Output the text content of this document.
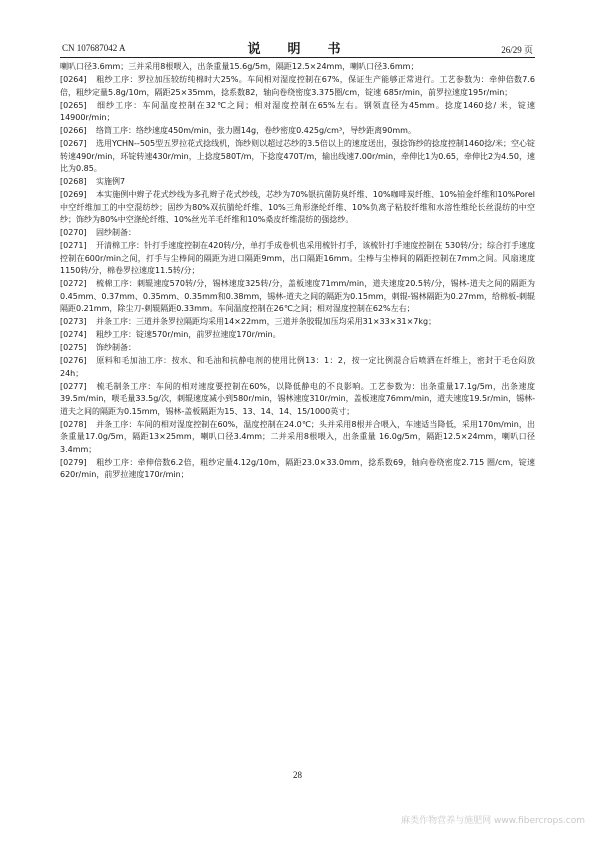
CN 107687042 A	说　明　书	26/29 页
喇叭口径3.6mm；三并采用8根喂入，出条重量15.6g/5m，隔距12.5×24mm，喇叭口径3.6mm；
[0264] 粗纱工序：罗拉加压较纺纯棉时大25%。车间相对湿度控制在67%，保证生产能够正常进行。工艺参数为：牵伸倍数7.6倍，粗纱定量5.8g/10m，隔距25×35mm，捻系数82，轴向卷绕密度3.375圈/cm，锭速 685r/min，前罗拉速度195r/min；
[0265] 细纱工序：车间温度控制在32℃之间；相对湿度控制在65%左右。钢领直径为45mm。捻度1460捻/ 米，锭速14900r/min；
[0266] 络筒工序：络纱速度450m/min，张力圈14g，卷纱密度0.425g/cm³，导纱距离90mm。
[0267] 选用YCHN--505型五罗拉花式捻线机，饰纱则以超过芯纱的3.5倍以上的速度送出，强捻饰纱的捻度控制1460捻/米；空心锭转速490r/min，环锭转速430r/min，上捻度580T/m，下捻度470T/m，输出线速7.00r/min，牵伸比1为0.65，牵伸比2为4.50，速比为0.85。
[0268] 实施例7
[0269] 本实施例中辫子花式纱线为多孔辫子花式纱线，芯纱为70%银抗菌防臭纤维、10%咖啡炭纤维、10%铂金纤维和10%Porel中空纤维加工的中空混纺纱；固纱为80%双抗腈纶纤维、10%三角形涤纶纤维、10%负离子粘胶纤维和水溶性维纶长丝混纺的中空纱；饰纱为80%中空涤纶纤维、10%丝光羊毛纤维和10%桑皮纤维混纺的强捻纱。
[0270] 固纱制备：
[0271] 开清棉工序：针打手速度控制在420转/分，单打手成卷机也采用梳针打手，该梳针打手速度控制在 530转/分；综合打手速度控制在600r/min之间，打手与尘棒间的隔距为进口隔距9mm，出口隔距16mm。尘棒与尘棒间的隔距控制在7mm之间。风扇速度1150转/分，棉卷罗拉速度11.5转/分；
[0272] 梳棉工序：刺辊速度570转/分，锡林速度325转/分，盖板速度71mm/min，道夫速度20.5转/分，锡林-道夫之间的隔距为0.45mm、0.37mm、0.35mm、0.35mm和0.38mm，锡林-道夫之间的隔距为0.15mm，刺辊-锡林隔距为0.27mm，给棉板-刺辊隔距0.21mm，除尘刀-刺辊隔距0.33mm。车间温度控制在26℃之间；相对湿度控制在62%左右；
[0273] 并条工序：三道并条罗拉隔距均采用14×22mm，三道并条胶辊加压均采用31×33×31×7kg；
[0274] 粗纱工序：锭速570r/min，前罗拉速度170r/min。
[0275] 饰纱制备：
[0276] 原料和毛加油工序：按水、和毛油和抗静电剂的使用比例13：1：2，按一定比例混合后喷洒在纤维上，密封于毛仓闷放24h；
[0277] 梳毛制条工序：车间的相对速度要控制在60%，以降低静电的不良影响。工艺参数为：出条重量17.1g/5m，出条速度39.5m/min，喂毛量33.5g/次，刺辊速度减小到580r/min，锡林速度310r/min，盖板速度76mm/min，道夫速度19.5r/min，锡林-道夫之间的隔距为0.15mm，锡林-盖板隔距为15、13、14、14、15/1000英寸；
[0278] 并条工序：车间的相对湿度控制在60%，温度控制在24.0℃；头并采用8根并合喂入，车速适当降低，采用170m/min，出条重量17.0g/5m，隔距13×25mm，喇叭口径3.4mm；二并采用8根喂入，出条重量 16.0g/5m，隔距12.5×24mm，喇叭口径3.4mm；
[0279] 粗纱工序：牵伸倍数6.2倍，粗纱定量4.12g/10m，隔距23.0×33.0mm，捻系数69，轴向卷绕密度2.715 圈/cm，锭速620r/min，前罗拉速度170r/min；
28
麻类作物营养与施肥网 www.fibercrops.com
